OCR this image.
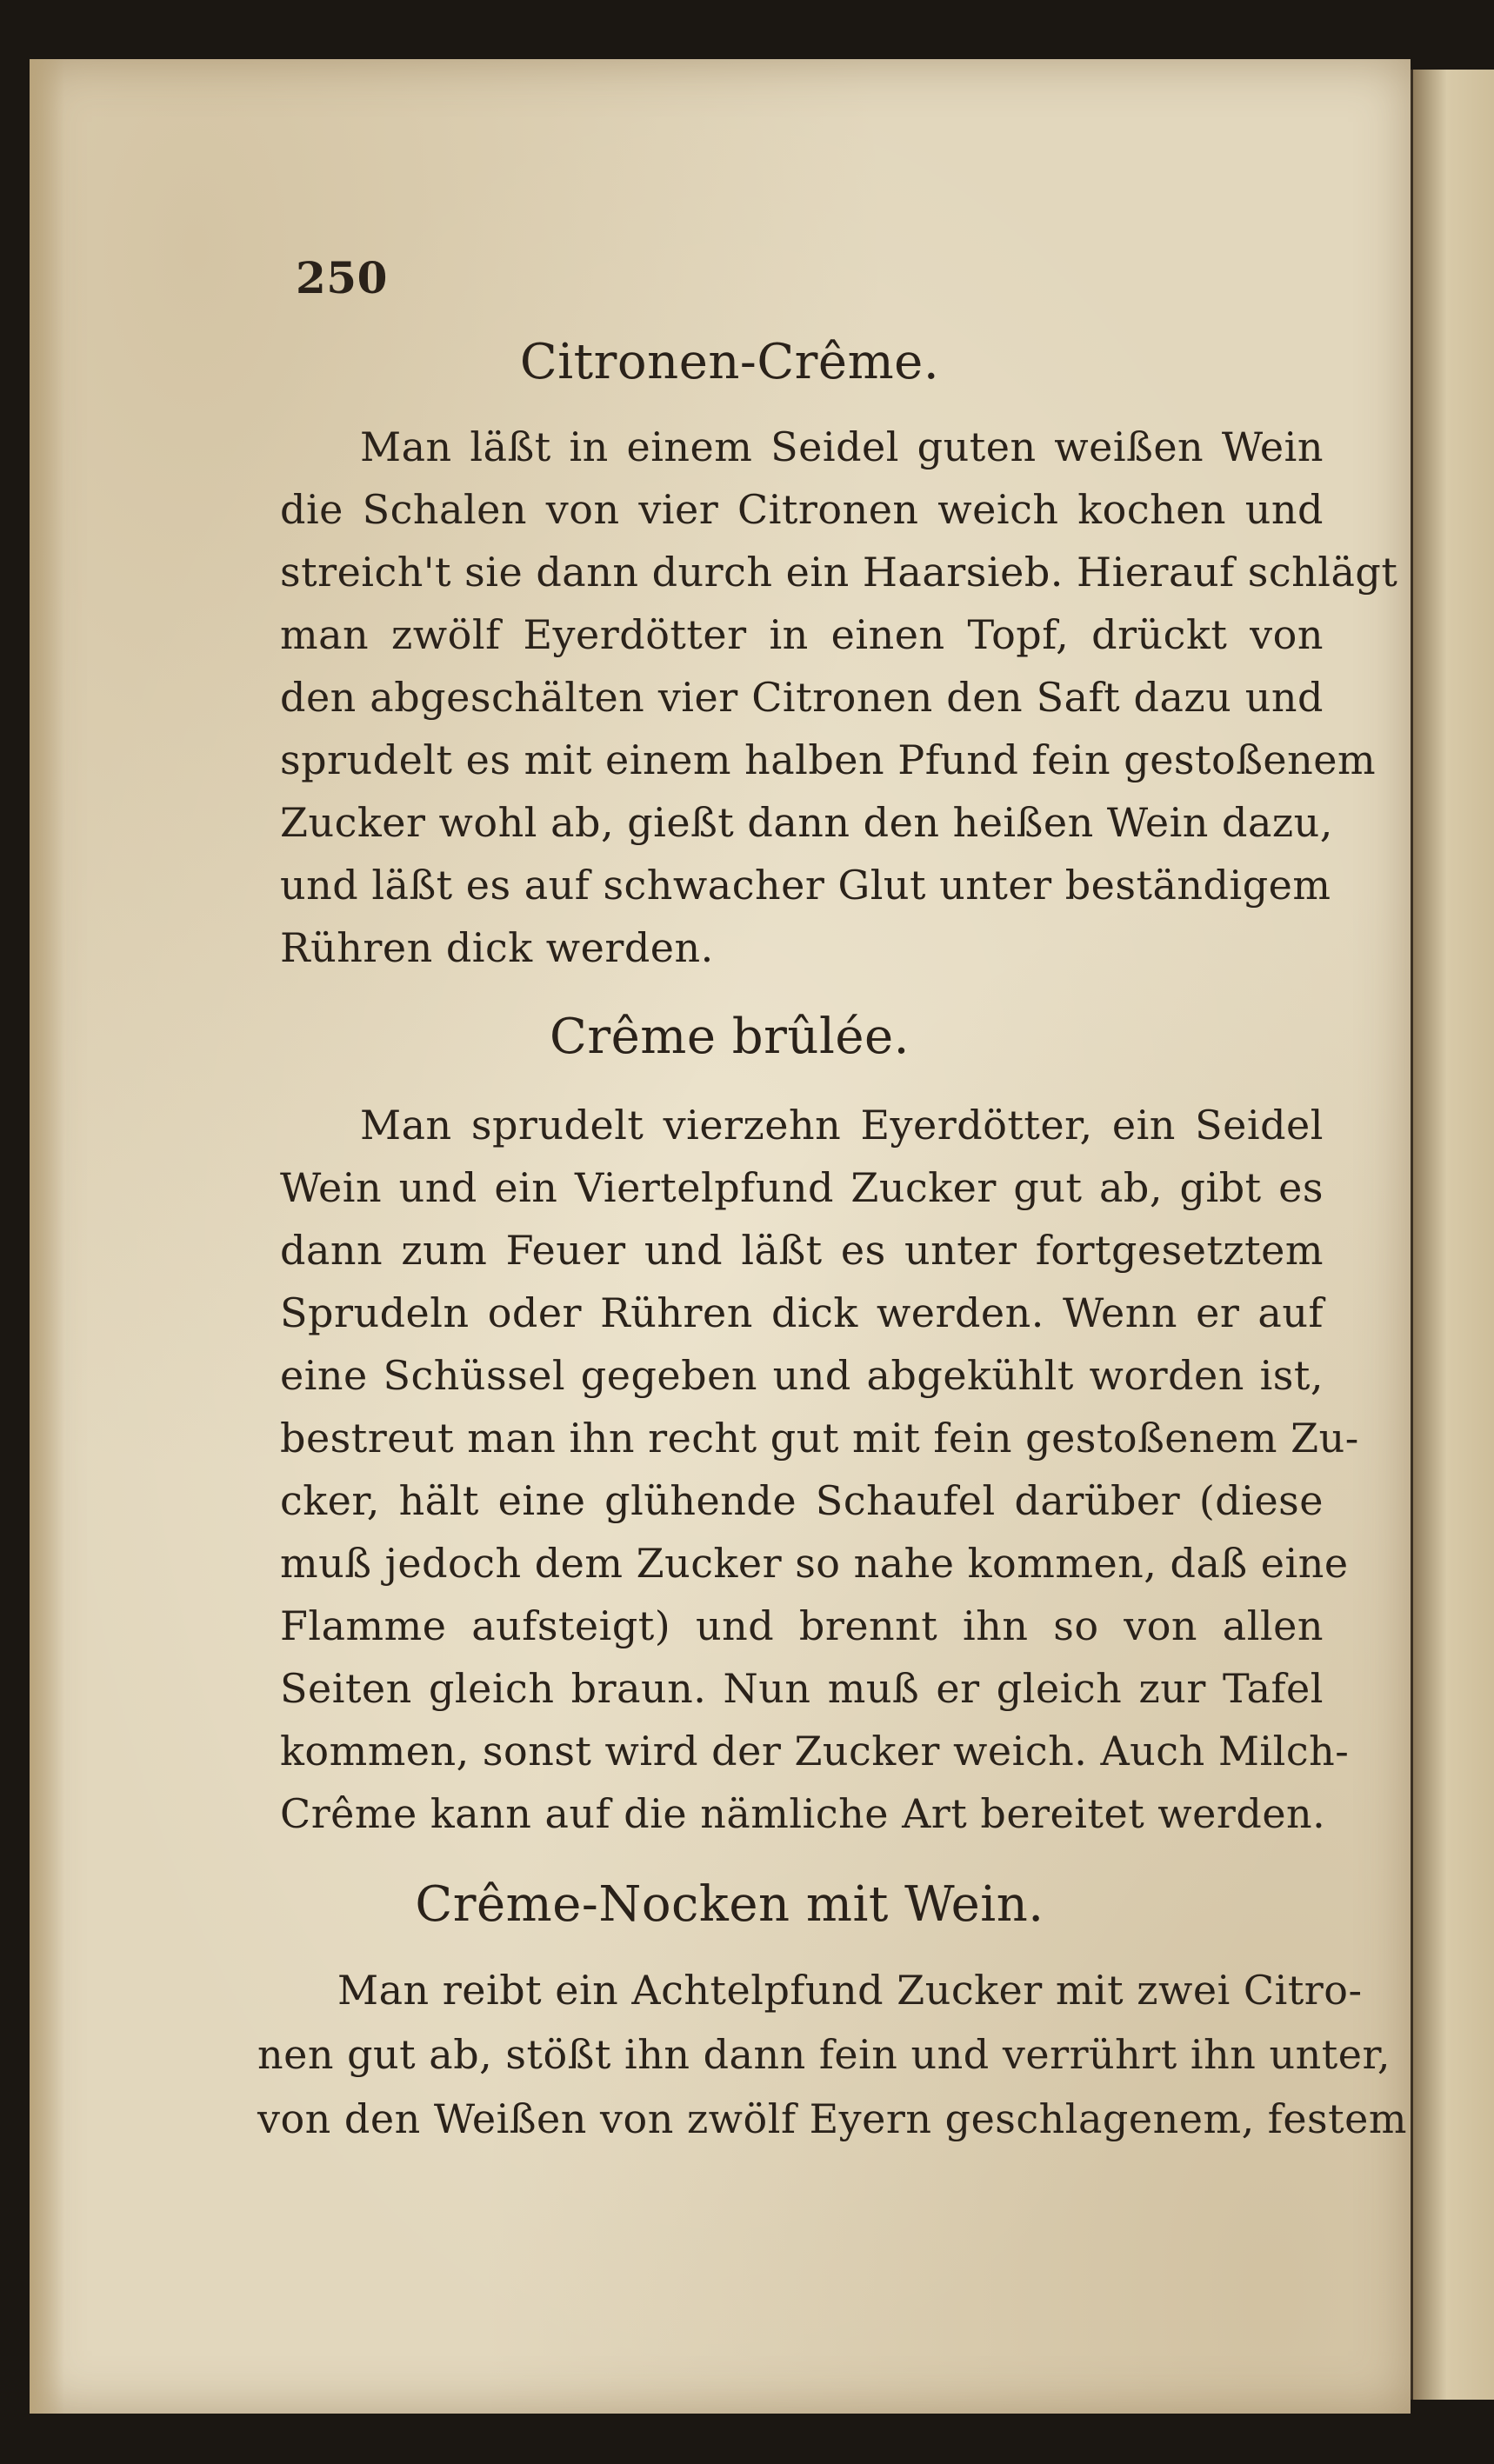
250
Citronen-Crême.
Man läßt in einem Seidel guten weißen Wein
die Schalen von vier Citronen weich kochen und
streich't sie dann durch ein Haarsieb. Hierauf schlägt
man zwölf Eyerdötter in einen Topf, drückt von
den abgeschälten vier Citronen den Saft dazu und
sprudelt es mit einem halben Pfund fein gestoßenem
Zucker wohl ab, gießt dann den heißen Wein dazu,
und läßt es auf schwacher Glut unter beständigem
Rühren dick werden.
Crême brûlée.
Man sprudelt vierzehn Eyerdötter, ein Seidel
Wein und ein Viertelpfund Zucker gut ab, gibt es
dann zum Feuer und läßt es unter fortgesetztem
Sprudeln oder Rühren dick werden. Wenn er auf
eine Schüssel gegeben und abgekühlt worden ist,
bestreut man ihn recht gut mit fein gestoßenem Zu-
cker, hält eine glühende Schaufel darüber (diese
muß jedoch dem Zucker so nahe kommen, daß eine
Flamme aufsteigt) und brennt ihn so von allen
Seiten gleich braun. Nun muß er gleich zur Tafel
kommen, sonst wird der Zucker weich. Auch Milch-
Crême kann auf die nämliche Art bereitet werden.
Crême-Nocken mit Wein.
Man reibt ein Achtelpfund Zucker mit zwei Citro-
nen gut ab, stößt ihn dann fein und verrührt ihn unter,
von den Weißen von zwölf Eyern geschlagenem, festem
